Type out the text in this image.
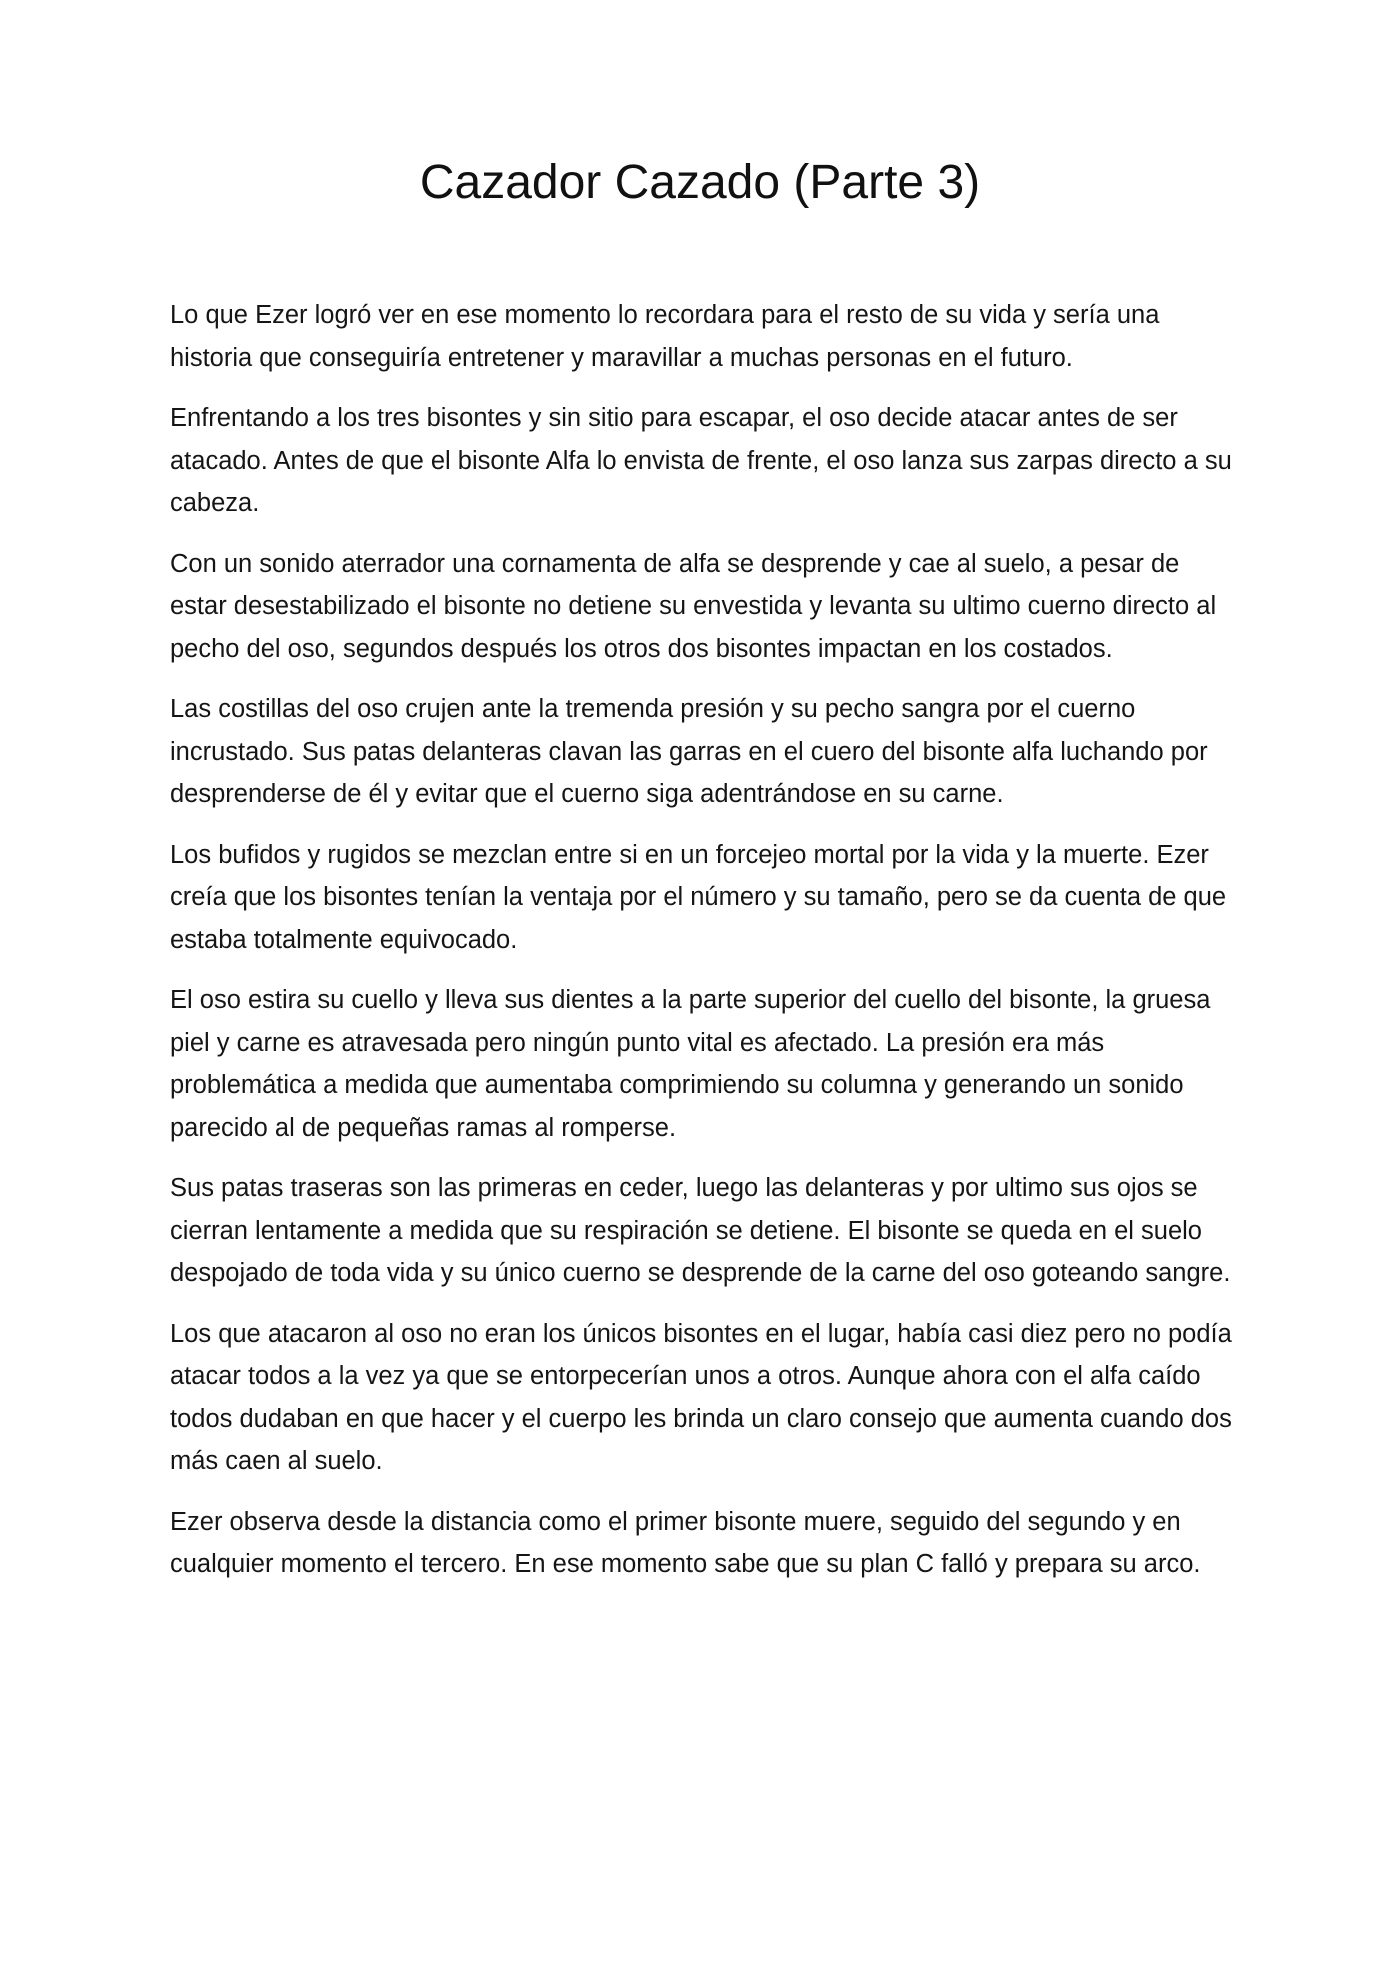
Cazador Cazado (Parte 3)

Lo que Ezer logró ver en ese momento lo recordara para el resto de su vida y sería una historia que conseguiría entretener y maravillar a muchas personas en el futuro.

Enfrentando a los tres bisontes y sin sitio para escapar, el oso decide atacar antes de ser atacado. Antes de que el bisonte Alfa lo envista de frente, el oso lanza sus zarpas directo a su cabeza.

Con un sonido aterrador una cornamenta de alfa se desprende y cae al suelo, a pesar de estar desestabilizado el bisonte no detiene su envestida y levanta su ultimo cuerno directo al pecho del oso, segundos después los otros dos bisontes impactan en los costados.

Las costillas del oso crujen ante la tremenda presión y su pecho sangra por el cuerno incrustado. Sus patas delanteras clavan las garras en el cuero del bisonte alfa luchando por desprenderse de él y evitar que el cuerno siga adentrándose en su carne.

Los bufidos y rugidos se mezclan entre si en un forcejeo mortal por la vida y la muerte. Ezer creía que los bisontes tenían la ventaja por el número y su tamaño, pero se da cuenta de que estaba totalmente equivocado.

El oso estira su cuello y lleva sus dientes a la parte superior del cuello del bisonte, la gruesa piel y carne es atravesada pero ningún punto vital es afectado. La presión era más problemática a medida que aumentaba comprimiendo su columna y generando un sonido parecido al de pequeñas ramas al romperse.

Sus patas traseras son las primeras en ceder, luego las delanteras y por ultimo sus ojos se cierran lentamente a medida que su respiración se detiene. El bisonte se queda en el suelo despojado de toda vida y su único cuerno se desprende de la carne del oso goteando sangre.

Los que atacaron al oso no eran los únicos bisontes en el lugar, había casi diez pero no podía atacar todos a la vez ya que se entorpecerían unos a otros. Aunque ahora con el alfa caído todos dudaban en que hacer y el cuerpo les brinda un claro consejo que aumenta cuando dos más caen al suelo.

Ezer observa desde la distancia como el primer bisonte muere, seguido del segundo y en cualquier momento el tercero. En ese momento sabe que su plan C falló y prepara su arco.
